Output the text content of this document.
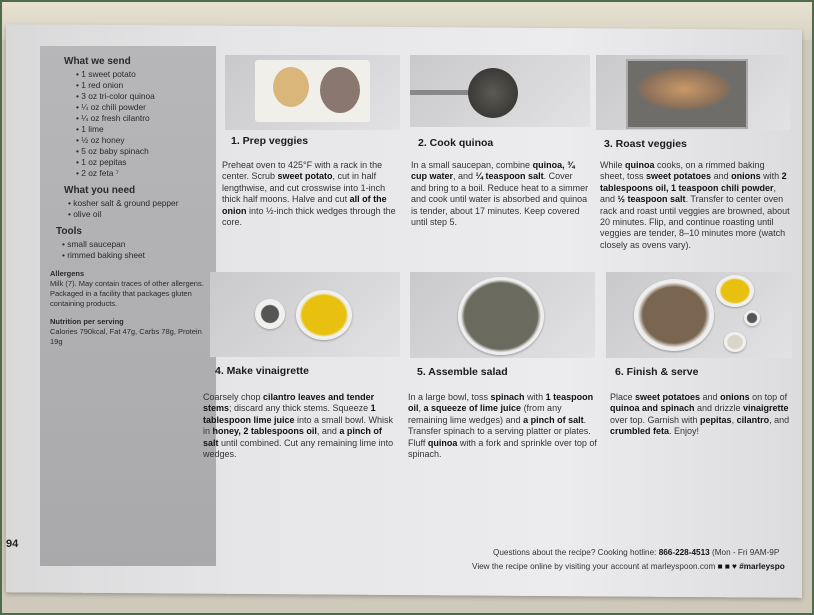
What we send
• 1 sweet potato
• 1 red onion
• 3 oz tri-color quinoa
• ¼ oz chili powder
• ¼ oz fresh cilantro
• 1 lime
• ½ oz honey
• 5 oz baby spinach
• 1 oz pepitas
• 2 oz feta ⁷
What you need
• kosher salt & ground pepper
• olive oil
Tools
• small saucepan
• rimmed baking sheet
Allergens

Milk (7). May contain traces of other allergens. Packaged in a facility that packages gluten containing products.

Nutrition per serving

Calories 790kcal, Fat 47g, Carbs 78g, Protein 19g

1. Prep veggies
Preheat oven to 425°F with a rack in the center. Scrub sweet potato, cut in half lengthwise, and cut crosswise into 1-inch thick half moons. Halve and cut all of the onion into ½-inch thick wedges through the core.
2. Cook quinoa
In a small saucepan, combine quinoa, ¾ cup water, and ¼ teaspoon salt. Cover and bring to a boil. Reduce heat to a simmer and cook until water is absorbed and quinoa is tender, about 17 minutes. Keep covered until step 5.
3. Roast veggies
While quinoa cooks, on a rimmed baking sheet, toss sweet potatoes and onions with 2 tablespoons oil, 1 teaspoon chili powder, and ½ teaspoon salt. Transfer to center oven rack and roast until veggies are browned, about 20 minutes. Flip, and continue roasting until veggies are tender, 8–10 minutes more (watch closely as ovens vary).
4. Make vinaigrette
Coarsely chop cilantro leaves and tender stems; discard any thick stems. Squeeze 1 tablespoon lime juice into a small bowl. Whisk in honey, 2 tablespoons oil, and a pinch of salt until combined. Cut any remaining lime into wedges.
5. Assemble salad
In a large bowl, toss spinach with 1 teaspoon oil, a squeeze of lime juice (from any remaining lime wedges) and a pinch of salt. Transfer spinach to a serving platter or plates. Fluff quinoa with a fork and sprinkle over top of spinach.
6. Finish & serve
Place sweet potatoes and onions on top of quinoa and spinach and drizzle vinaigrette over top. Garnish with pepitas, cilantro, and crumbled feta. Enjoy!
94
Questions about the recipe? Cooking hotline: 866-228-4513 (Mon - Fri 9AM-9P
View the recipe online by visiting your account at marleyspoon.com ■ ■ ♥ #marleyspo
